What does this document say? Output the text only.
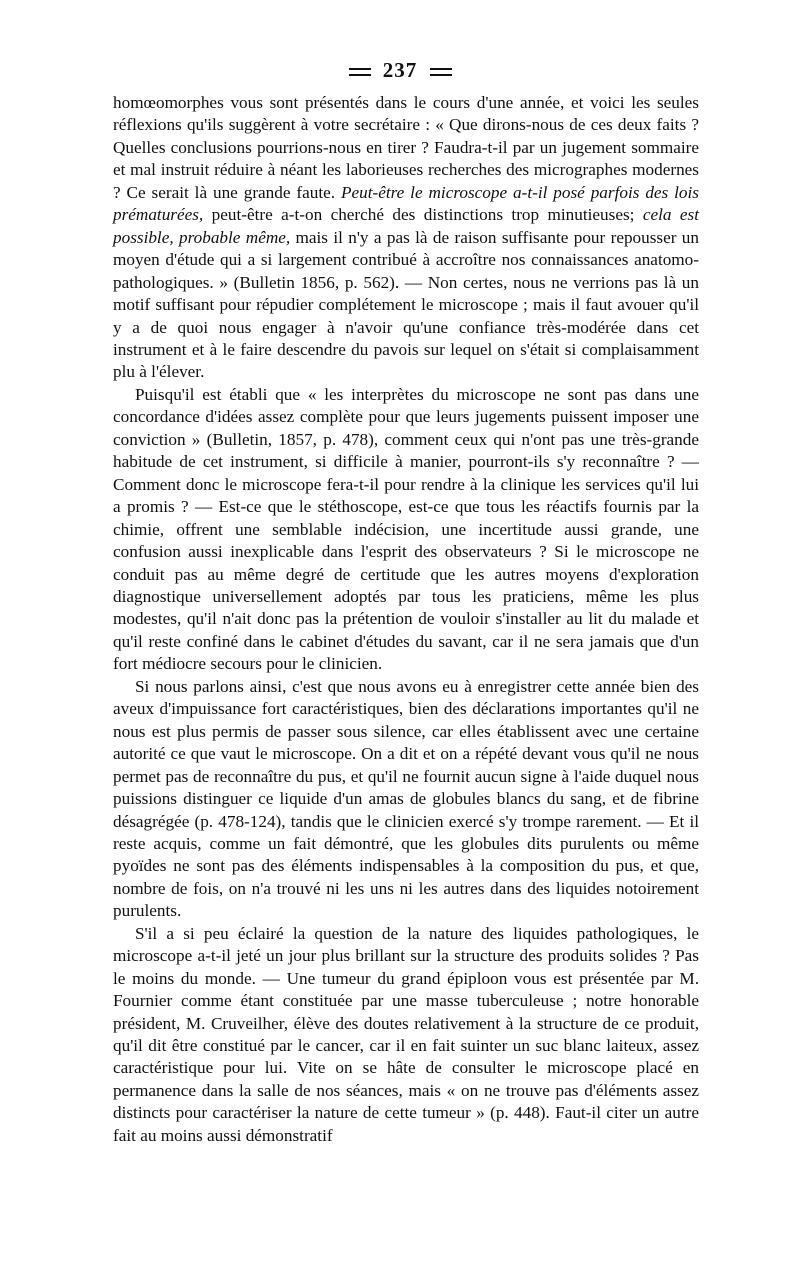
237

homœomorphes vous sont présentés dans le cours d'une année, et voici les seules réflexions qu'ils suggèrent à votre secrétaire : « Que dirons-nous de ces deux faits ? Quelles conclusions pourrions-nous en tirer ? Faudra-t-il par un jugement sommaire et mal instruit réduire à néant les laborieuses recherches des micrographes modernes ? Ce serait là une grande faute. Peut-être le microscope a-t-il posé parfois des lois prématurées, peut-être a-t-on cherché des distinctions trop minutieuses; cela est possible, probable même, mais il n'y a pas là de raison suffisante pour repousser un moyen d'étude qui a si largement contribué à accroître nos connaissances anatomo-pathologiques. » (Bulletin 1856, p. 562). — Non certes, nous ne verrions pas là un motif suffisant pour répudier complétement le microscope ; mais il faut avouer qu'il y a de quoi nous engager à n'avoir qu'une confiance très-modérée dans cet instrument et à le faire descendre du pavois sur lequel on s'était si complaisamment plu à l'élever.

Puisqu'il est établi que « les interprètes du microscope ne sont pas dans une concordance d'idées assez complète pour que leurs jugements puissent imposer une conviction » (Bulletin, 1857, p. 478), comment ceux qui n'ont pas une très-grande habitude de cet instrument, si difficile à manier, pourront-ils s'y reconnaître ? — Comment donc le microscope fera-t-il pour rendre à la clinique les services qu'il lui a promis ? — Est-ce que le stéthoscope, est-ce que tous les réactifs fournis par la chimie, offrent une semblable indécision, une incertitude aussi grande, une confusion aussi inexplicable dans l'esprit des observateurs ? Si le microscope ne conduit pas au même degré de certitude que les autres moyens d'exploration diagnostique universellement adoptés par tous les praticiens, même les plus modestes, qu'il n'ait donc pas la prétention de vouloir s'installer au lit du malade et qu'il reste confiné dans le cabinet d'études du savant, car il ne sera jamais que d'un fort médiocre secours pour le clinicien.

Si nous parlons ainsi, c'est que nous avons eu à enregistrer cette année bien des aveux d'impuissance fort caractéristiques, bien des déclarations importantes qu'il ne nous est plus permis de passer sous silence, car elles établissent avec une certaine autorité ce que vaut le microscope. On a dit et on a répété devant vous qu'il ne nous permet pas de reconnaître du pus, et qu'il ne fournit aucun signe à l'aide duquel nous puissions distinguer ce liquide d'un amas de globules blancs du sang, et de fibrine désagrégée (p. 478-124), tandis que le clinicien exercé s'y trompe rarement. — Et il reste acquis, comme un fait démontré, que les globules dits purulents ou même pyoïdes ne sont pas des éléments indispensables à la composition du pus, et que, nombre de fois, on n'a trouvé ni les uns ni les autres dans des liquides notoirement purulents.

S'il a si peu éclairé la question de la nature des liquides pathologiques, le microscope a-t-il jeté un jour plus brillant sur la structure des produits solides ? Pas le moins du monde. — Une tumeur du grand épiploon vous est présentée par M. Fournier comme étant constituée par une masse tuberculeuse ; notre honorable président, M. Cruveilher, élève des doutes relativement à la structure de ce produit, qu'il dit être constitué par le cancer, car il en fait suinter un suc blanc laiteux, assez caractéristique pour lui. Vite on se hâte de consulter le microscope placé en permanence dans la salle de nos séances, mais « on ne trouve pas d'éléments assez distincts pour caractériser la nature de cette tumeur » (p. 448). Faut-il citer un autre fait au moins aussi démonstratif
